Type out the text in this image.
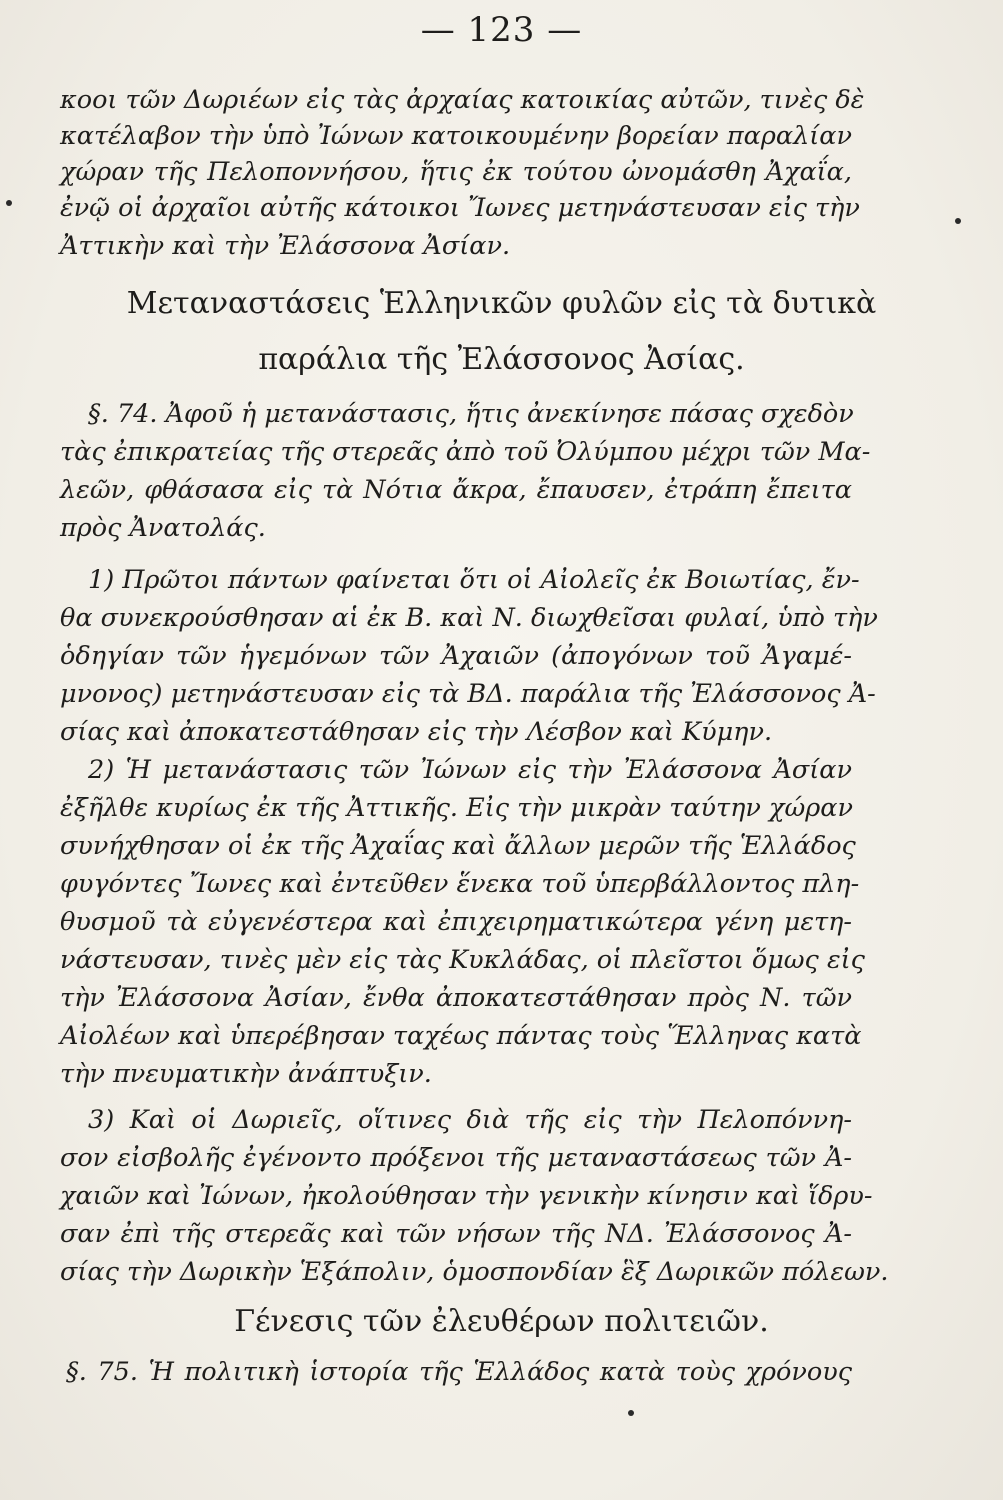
— 123 —
κοοι τῶν Δωριέων εἰς τὰς ἀρχαίας κατοικίας αὐτῶν, τινὲς δὲ
κατέλαβον τὴν ὑπὸ Ἰώνων κατοικουμένην βορείαν παραλίαν
χώραν τῆς Πελοποννήσου, ἥτις ἐκ τούτου ὠνομάσθη Ἀχαΐα,
ἐνῷ οἱ ἀρχαῖοι αὐτῆς κάτοικοι Ἴωνες μετηνάστευσαν εἰς τὴν
Ἀττικὴν καὶ τὴν Ἐλάσσονα Ἀσίαν.
Μεταναστάσεις Ἑλληνικῶν φυλῶν εἰς τὰ δυτικὰ
παράλια τῆς Ἐλάσσονος Ἀσίας.
§. 74. Ἀφοῦ ἡ μετανάστασις, ἥτις ἀνεκίνησε πάσας σχεδὸν
τὰς ἐπικρατείας τῆς στερεᾶς ἀπὸ τοῦ Ὀλύμπου μέχρι τῶν Μα-
λεῶν, φθάσασα εἰς τὰ Νότια ἄκρα, ἔπαυσεν, ἐτράπη ἔπειτα
πρὸς Ἀνατολάς.
1) Πρῶτοι πάντων φαίνεται ὅτι οἱ Αἰολεῖς ἐκ Βοιωτίας, ἔν-
θα συνεκρούσθησαν αἱ ἐκ Β. καὶ Ν. διωχθεῖσαι φυλαί, ὑπὸ τὴν
ὁδηγίαν τῶν ἡγεμόνων τῶν Ἀχαιῶν (ἀπογόνων τοῦ Ἀγαμέ-
μνονος) μετηνάστευσαν εἰς τὰ ΒΔ. παράλια τῆς Ἐλάσσονος Ἀ-
σίας καὶ ἀποκατεστάθησαν εἰς τὴν Λέσβον καὶ Κύμην.
2) Ἡ μετανάστασις τῶν Ἰώνων εἰς τὴν Ἐλάσσονα Ἀσίαν
ἐξῆλθε κυρίως ἐκ τῆς Ἀττικῆς. Εἰς τὴν μικρὰν ταύτην χώραν
συνήχθησαν οἱ ἐκ τῆς Ἀχαΐας καὶ ἄλλων μερῶν τῆς Ἑλλάδος
φυγόντες Ἴωνες καὶ ἐντεῦθεν ἕνεκα τοῦ ὑπερβάλλοντος πλη-
θυσμοῦ τὰ εὐγενέστερα καὶ ἐπιχειρηματικώτερα γένη μετη-
νάστευσαν, τινὲς μὲν εἰς τὰς Κυκλάδας, οἱ πλεῖστοι ὅμως εἰς
τὴν Ἐλάσσονα Ἀσίαν, ἔνθα ἀποκατεστάθησαν πρὸς Ν. τῶν
Αἰολέων καὶ ὑπερέβησαν ταχέως πάντας τοὺς Ἕλληνας κατὰ
τὴν πνευματικὴν ἀνάπτυξιν.
3) Καὶ οἱ Δωριεῖς, οἵτινες διὰ τῆς εἰς τὴν Πελοπόννη-
σον εἰσβολῆς ἐγένοντο πρόξενοι τῆς μεταναστάσεως τῶν Ἀ-
χαιῶν καὶ Ἰώνων, ἠκολούθησαν τὴν γενικὴν κίνησιν καὶ ἵδρυ-
σαν ἐπὶ τῆς στερεᾶς καὶ τῶν νήσων τῆς ΝΔ. Ἐλάσσονος Ἀ-
σίας τὴν Δωρικὴν Ἑξάπολιν, ὁμοσπονδίαν ἓξ Δωρικῶν πόλεων.
Γένεσις τῶν ἐλευθέρων πολιτειῶν.
§. 75. Ἡ πολιτικὴ ἱστορία τῆς Ἑλλάδος κατὰ τοὺς χρόνους
